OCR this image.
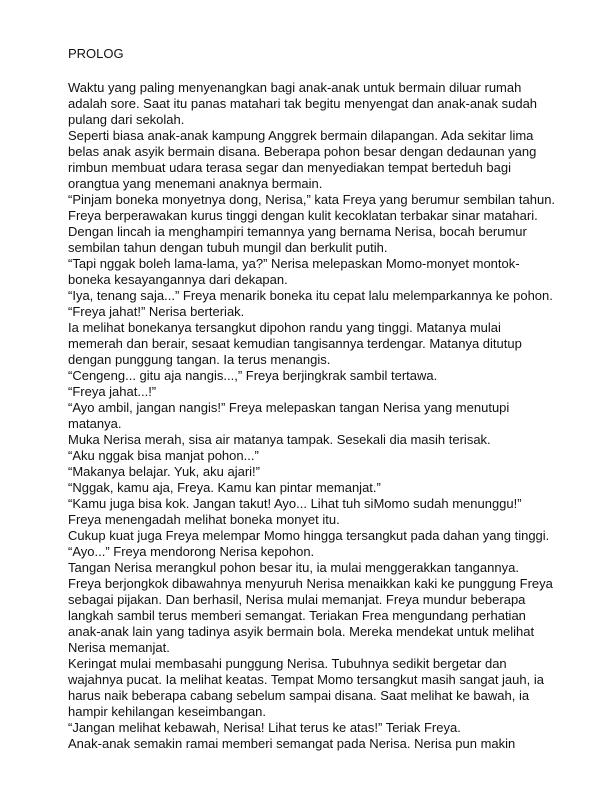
PROLOG
Waktu yang paling menyenangkan bagi anak-anak untuk bermain diluar rumah
adalah sore. Saat itu panas matahari tak begitu menyengat dan anak-anak sudah
pulang dari sekolah.
Seperti biasa anak-anak kampung Anggrek bermain dilapangan. Ada sekitar lima
belas anak asyik bermain disana. Beberapa pohon besar dengan dedaunan yang
rimbun membuat udara terasa segar dan menyediakan tempat berteduh bagi
orangtua yang menemani anaknya bermain.
“Pinjam boneka monyetnya dong, Nerisa,” kata Freya yang berumur sembilan tahun.
Freya berperawakan kurus tinggi dengan kulit kecoklatan terbakar sinar matahari.
Dengan lincah ia menghampiri temannya yang bernama Nerisa, bocah berumur
sembilan tahun dengan tubuh mungil dan berkulit putih.
“Tapi nggak boleh lama-lama, ya?” Nerisa melepaskan Momo-monyet montok-
boneka kesayangannya dari dekapan.
“Iya, tenang saja...” Freya menarik boneka itu cepat lalu melemparkannya ke pohon.
“Freya jahat!” Nerisa berteriak.
Ia melihat bonekanya tersangkut dipohon randu yang tinggi. Matanya mulai
memerah dan berair, sesaat kemudian tangisannya terdengar. Matanya ditutup
dengan punggung tangan. Ia terus menangis.
“Cengeng... gitu aja nangis...,” Freya berjingkrak sambil tertawa.
“Freya jahat...!”
“Ayo ambil, jangan nangis!” Freya melepaskan tangan Nerisa yang menutupi
matanya.
Muka Nerisa merah, sisa air matanya tampak. Sesekali dia masih terisak.
“Aku nggak bisa manjat pohon...”
“Makanya belajar. Yuk, aku ajari!”
“Nggak, kamu aja, Freya. Kamu kan pintar memanjat.”
“Kamu juga bisa kok. Jangan takut! Ayo... Lihat tuh siMomo sudah menunggu!”
Freya menengadah melihat boneka monyet itu.
Cukup kuat juga Freya melempar Momo hingga tersangkut pada dahan yang tinggi.
“Ayo...” Freya mendorong Nerisa kepohon.
Tangan Nerisa merangkul pohon besar itu, ia mulai menggerakkan tangannya.
Freya berjongkok dibawahnya menyuruh Nerisa menaikkan kaki ke punggung Freya
sebagai pijakan. Dan berhasil, Nerisa mulai memanjat. Freya mundur beberapa
langkah sambil terus memberi semangat. Teriakan Frea mengundang perhatian
anak-anak lain yang tadinya asyik bermain bola. Mereka mendekat untuk melihat
Nerisa memanjat.
Keringat mulai membasahi punggung Nerisa. Tubuhnya sedikit bergetar dan
wajahnya pucat. Ia melihat keatas. Tempat Momo tersangkut masih sangat jauh, ia
harus naik beberapa cabang sebelum sampai disana. Saat melihat ke bawah, ia
hampir kehilangan keseimbangan.
“Jangan melihat kebawah, Nerisa! Lihat terus ke atas!” Teriak Freya.
Anak-anak semakin ramai memberi semangat pada Nerisa. Nerisa pun makin
